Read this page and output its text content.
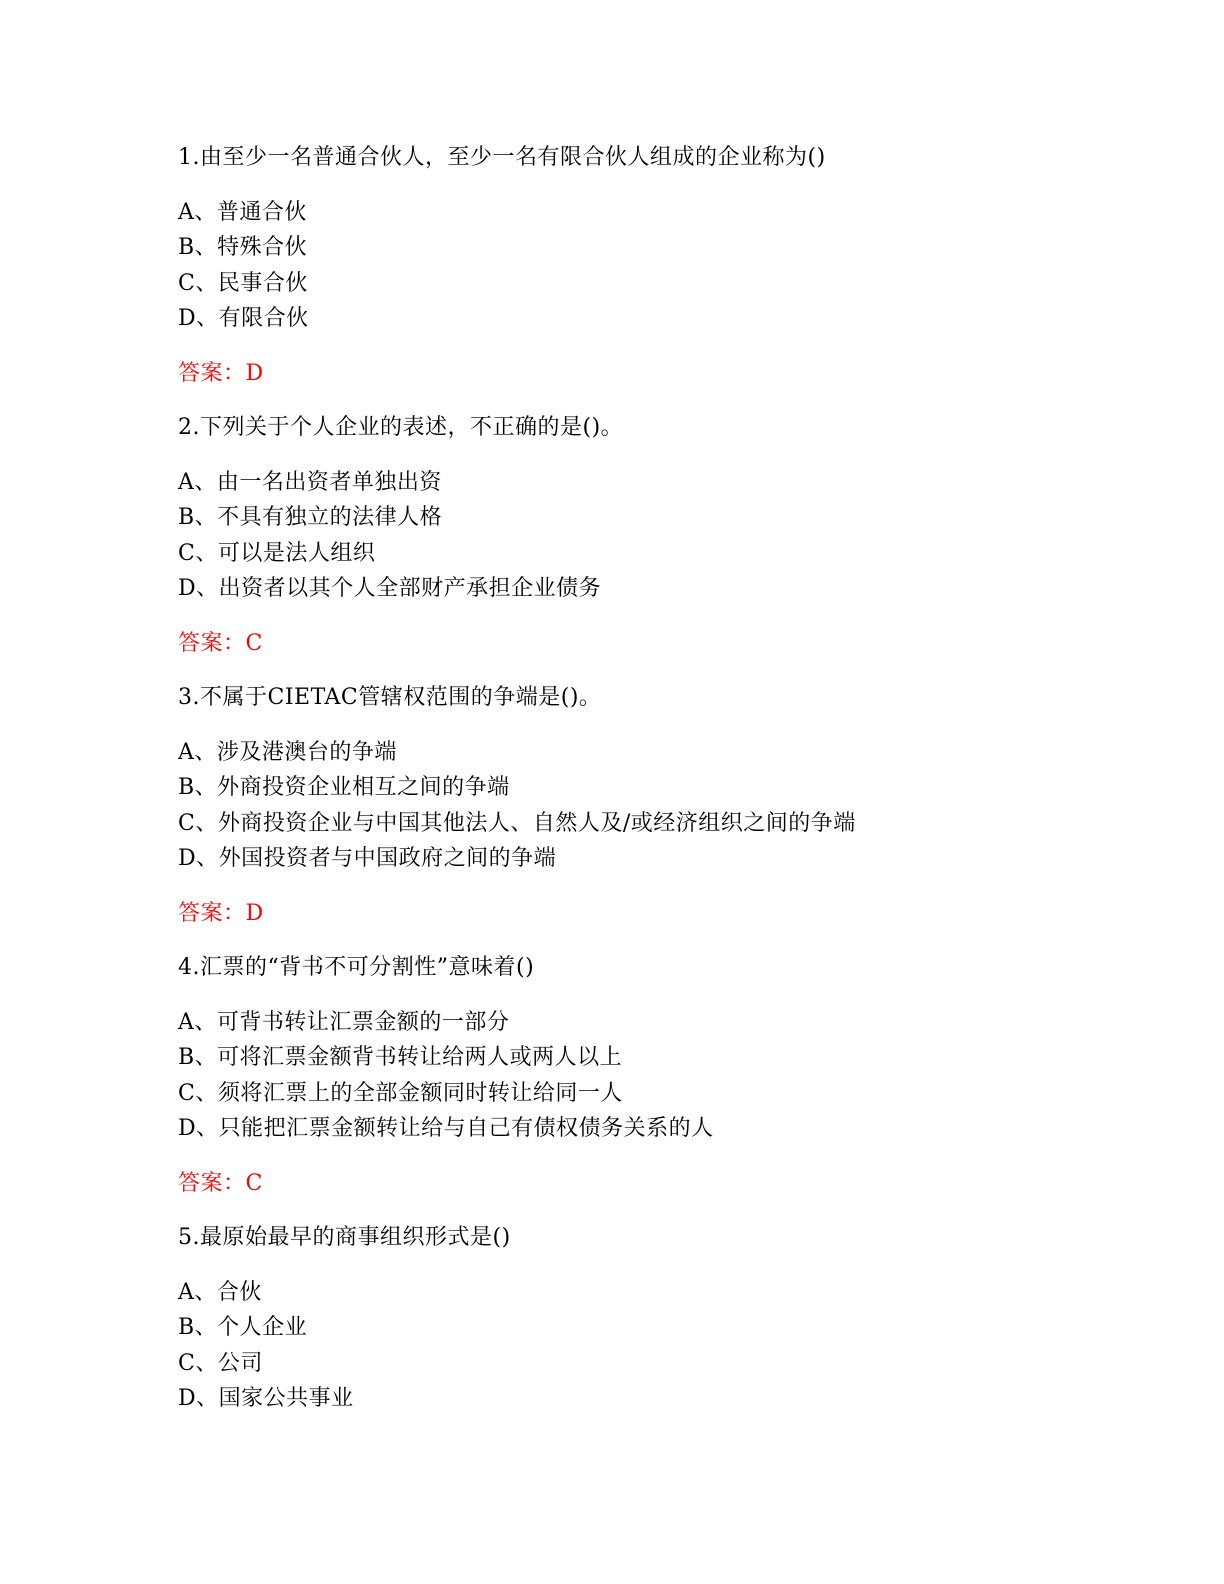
1.由至少一名普通合伙人，至少一名有限合伙人组成的企业称为()

A、普通合伙
B、特殊合伙
C、民事合伙
D、有限合伙

答案：D

2.下列关于个人企业的表述，不正确的是()。

A、由一名出资者单独出资
B、不具有独立的法律人格
C、可以是法人组织
D、出资者以其个人全部财产承担企业债务

答案：C

3.不属于CIETAC管辖权范围的争端是()。

A、涉及港澳台的争端
B、外商投资企业相互之间的争端
C、外商投资企业与中国其他法人、自然人及/或经济组织之间的争端
D、外国投资者与中国政府之间的争端

答案：D

4.汇票的“背书不可分割性”意味着()

A、可背书转让汇票金额的一部分
B、可将汇票金额背书转让给两人或两人以上
C、须将汇票上的全部金额同时转让给同一人
D、只能把汇票金额转让给与自己有债权债务关系的人

答案：C

5.最原始最早的商事组织形式是()

A、合伙
B、个人企业
C、公司
D、国家公共事业
